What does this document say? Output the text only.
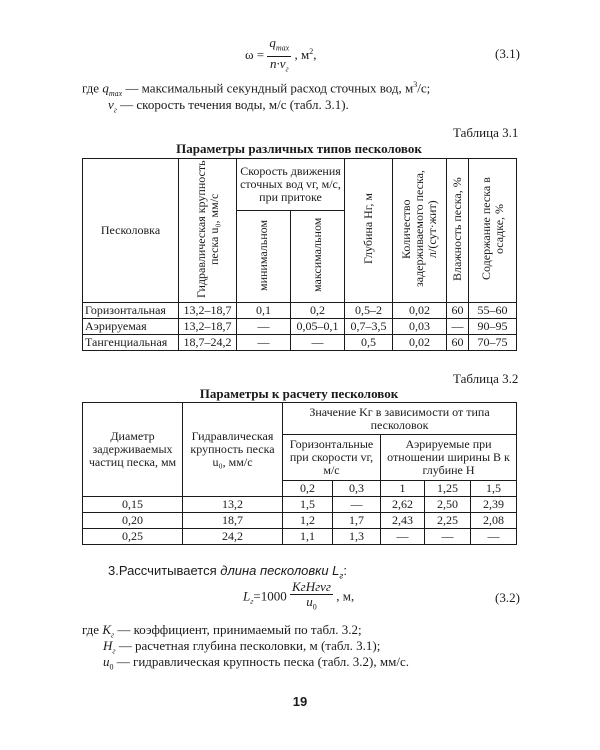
$\omega = \frac{q_{max}}{n\cdot v_г}$ , $м^2$,	(3.1)
где $q_{max}$ — максимальный секундный расход сточных вод, $м^3/с$;
$v_г$ — скорость течения воды, м/с (табл. 3.1).
Таблица 3.1
Параметры различных типов песколовок
Песколовка	Гидравлическая крупность песка u₀, мм/с	Скорость движения сточных вод vг, м/с, при притоке		Глубина Hг, м	Количество задерживаемого песка, л/(сут·жит)	Влажность песка, %	Содержание песка в осадке, %
		минимальном	максимальном				
Горизонтальная	13,2–18,7	0,1	0,2	0,5–2	0,02	60	55–60
Аэрируемая	13,2–18,7	—	0,05–0,1	0,7–3,5	0,03	—	90–95
Тангенциальная	18,7–24,2	—	—	0,5	0,02	60	70–75
Таблица 3.2
Параметры к расчету песколовок
Диаметр задерживаемых частиц песка, мм	Гидравлическая крупность песка u₀, мм/с	Значение Kг в зависимости от типа песколовок				
		Горизонтальные при скорости vг, м/с		Аэрируемые при отношении ширины B к глубине H		
		0,2	0,3	1	1,25	1,5
0,15	13,2	1,5	—	2,62	2,50	2,39
0,20	18,7	1,2	1,7	2,43	2,25	2,08
0,25	24,2	1,1	1,3	—	—	—
3.Рассчитывается длина песколовки $L_г$:
$L_г=1000 \frac{\text{KгHгvг}}{u_0}$ , м,	(3.2)
где $K_г$ — коэффициент, принимаемый по табл. 3.2;
$H_г$ — расчетная глубина песколовки, м (табл. 3.1);
$u_0$ — гидравлическая крупность песка (табл. 3.2), мм/с.
19
